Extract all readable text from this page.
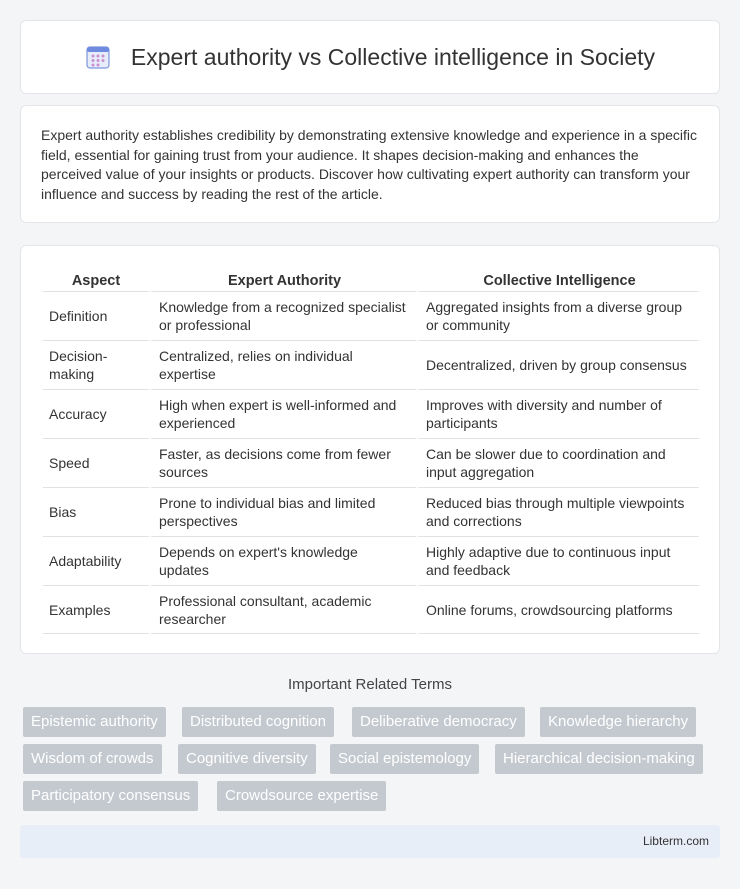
Expert authority vs Collective intelligence in Society

Expert authority establishes credibility by demonstrating extensive knowledge and experience in a specific field, essential for gaining trust from your audience. It shapes decision-making and enhances the perceived value of your insights or products. Discover how cultivating expert authority can transform your influence and success by reading the rest of the article.

Aspect	Expert Authority	Collective Intelligence
Definition	Knowledge from a recognized specialist or professional	Aggregated insights from a diverse group or community
Decision-making	Centralized, relies on individual expertise	Decentralized, driven by group consensus
Accuracy	High when expert is well-informed and experienced	Improves with diversity and number of participants
Speed	Faster, as decisions come from fewer sources	Can be slower due to coordination and input aggregation
Bias	Prone to individual bias and limited perspectives	Reduced bias through multiple viewpoints and corrections
Adaptability	Depends on expert's knowledge updates	Highly adaptive due to continuous input and feedback
Examples	Professional consultant, academic researcher	Online forums, crowdsourcing platforms
Important Related Terms
Epistemic authority	Distributed cognition	Deliberative democracy	Knowledge hierarchy
Wisdom of crowds	Cognitive diversity	Social epistemology	Hierarchical decision-making
Participatory consensus	Crowdsource expertise
Libterm.com
